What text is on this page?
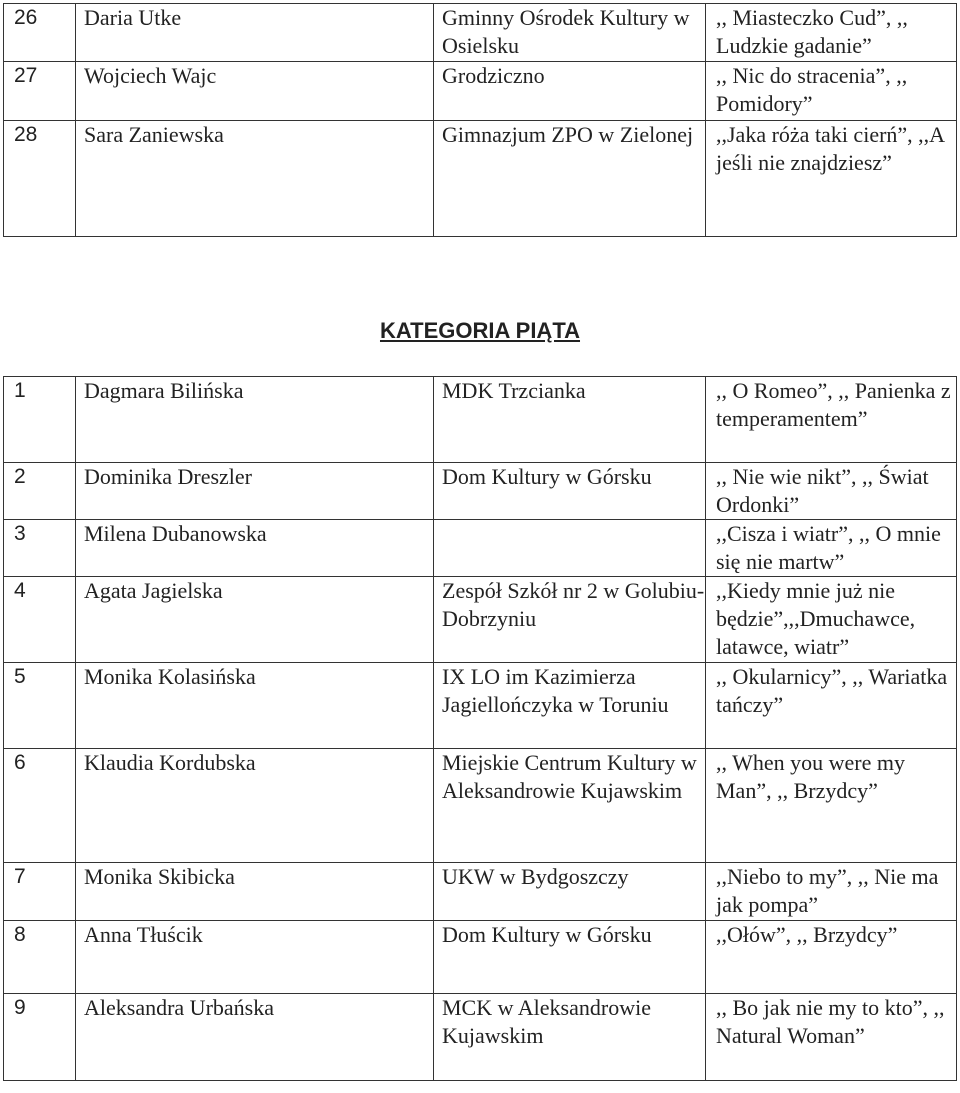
26	Daria Utke	Gminny Ośrodek Kultury w Osielsku	,, Miasteczko Cud”, ,, Ludzkie gadanie”

27	Wojciech Wajc	Grodziczno	,, Nic do stracenia”, ,, Pomidory”

28	Sara Zaniewska	Gimnazjum ZPO w Zielonej	,,Jaka róża taki cierń”, ,,A jeśli nie znajdziesz”
KATEGORIA PIĄTA
1	Dagmara Bilińska	MDK Trzcianka	,, O Romeo”, ,, Panienka z temperamentem”

2	Dominika Dreszler	Dom Kultury w Górsku	,, Nie wie nikt”, ,, Świat Ordonki”

3	Milena Dubanowska		,,Cisza i wiatr”, ,, O mnie się nie martw”

4	Agata Jagielska	Zespół Szkół nr 2 w Golubiu-Dobrzyniu	,,Kiedy mnie już nie będzie”,,,Dmuchawce, latawce, wiatr”

5	Monika Kolasińska	IX LO im Kazimierza Jagiellończyka w Toruniu	,, Okularnicy”, ,, Wariatka tańczy”

6	Klaudia Kordubska	Miejskie Centrum Kultury w Aleksandrowie Kujawskim	,, When you were my Man”, ,, Brzydcy”

7	Monika Skibicka	UKW w Bydgoszczy	,,Niebo to my”, ,, Nie ma jak pompa”

8	Anna Tłuścik	Dom Kultury w Górsku	,,Ołów”, ,, Brzydcy”

9	Aleksandra Urbańska	MCK w Aleksandrowie Kujawskim	,, Bo jak nie my to kto”, ,, Natural Woman”
